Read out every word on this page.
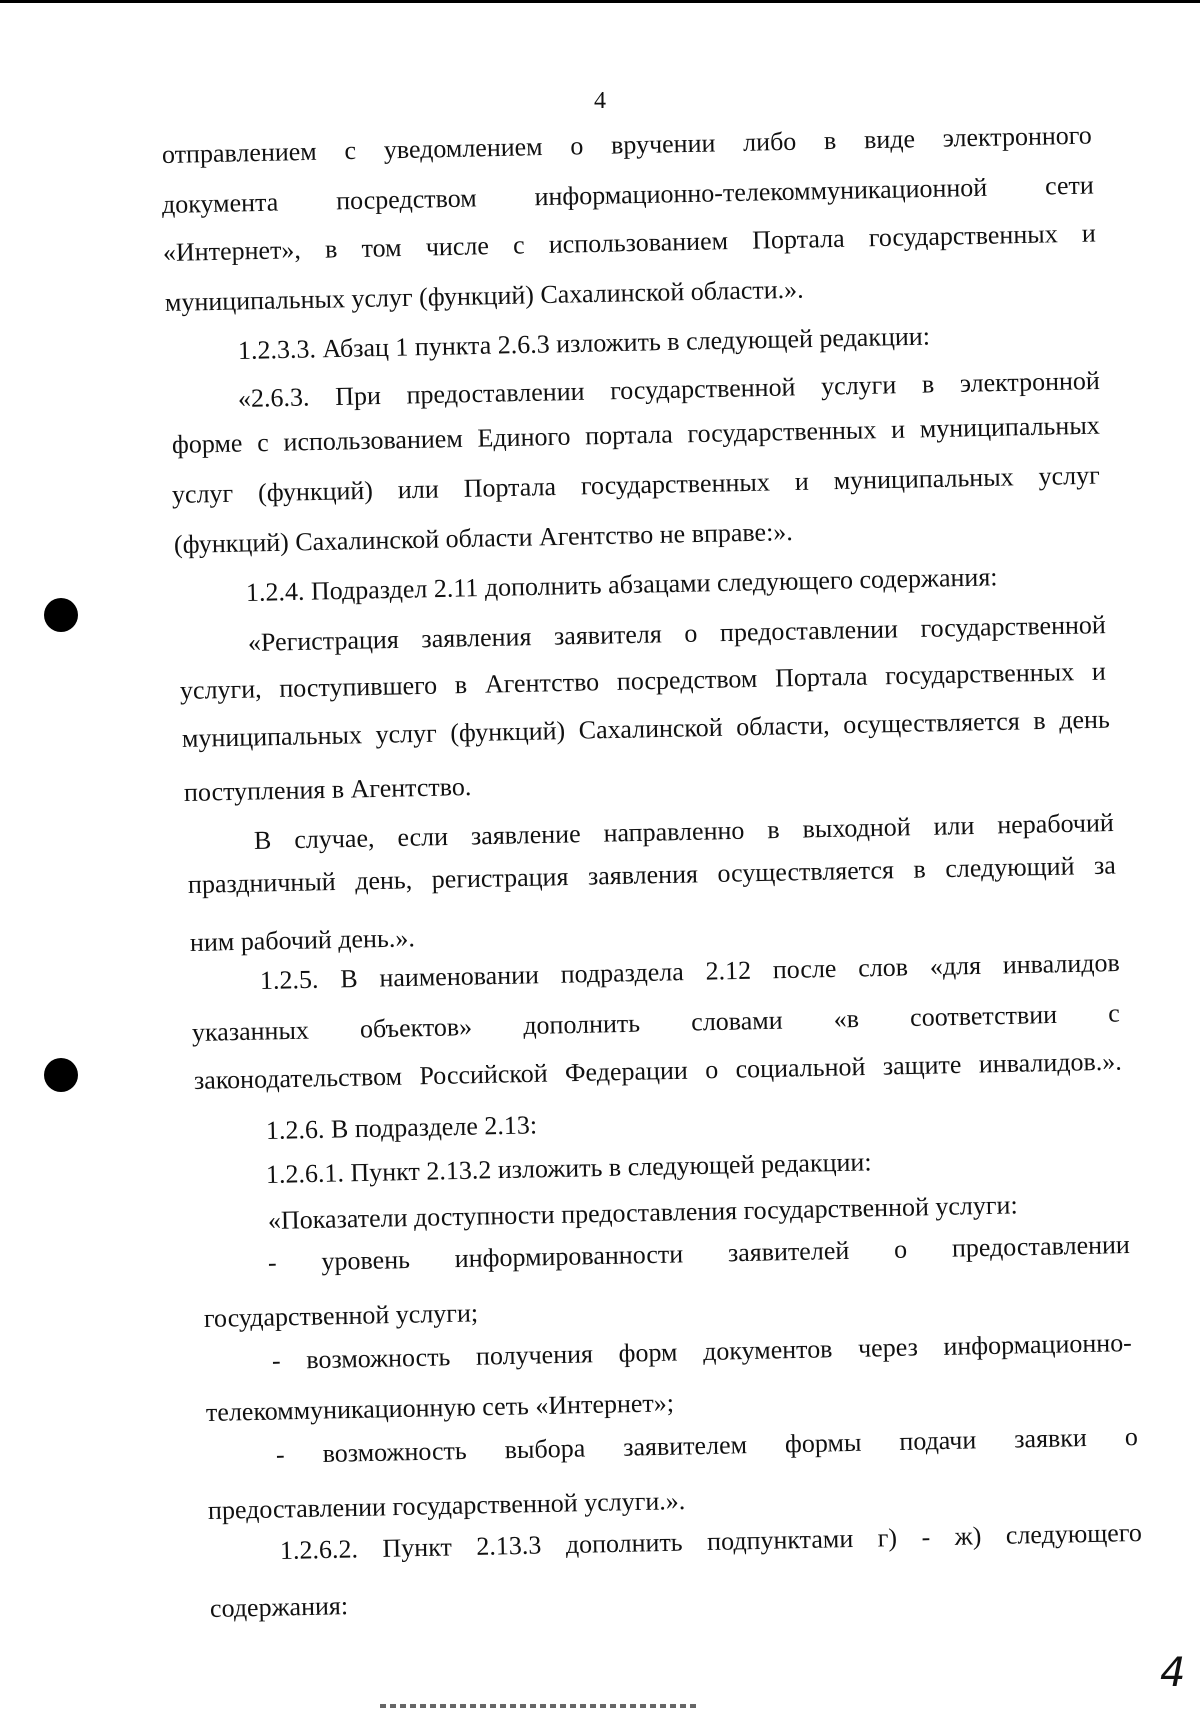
4
отправлением с уведомлением о вручении либо в виде электронного
документа посредством информационно-телекоммуникационной сети
«Интернет», в том числе с использованием Портала государственных и
муниципальных услуг (функций) Сахалинской области.».
1.2.3.3. Абзац 1 пункта 2.6.3 изложить в следующей редакции:
«2.6.3. При предоставлении государственной услуги в электронной
форме с использованием Единого портала государственных и муниципальных
услуг (функций) или Портала государственных и муниципальных услуг
(функций) Сахалинской области Агентство не вправе:».
1.2.4. Подраздел 2.11 дополнить абзацами следующего содержания:
«Регистрация заявления заявителя о предоставлении государственной
услуги, поступившего в Агентство посредством Портала государственных и
муниципальных услуг (функций) Сахалинской области, осуществляется в день
поступления в Агентство.
В случае, если заявление направленно в выходной или нерабочий
праздничный день, регистрация заявления осуществляется в следующий за
ним рабочий день.».
1.2.5. В наименовании подраздела 2.12 после слов «для инвалидов
указанных объектов» дополнить словами «в соответствии с
законодательством Российской Федерации о социальной защите инвалидов.».
1.2.6. В подразделе 2.13:
1.2.6.1. Пункт 2.13.2 изложить в следующей редакции:
«Показатели доступности предоставления государственной услуги:
- уровень информированности заявителей о предоставлении
государственной услуги;
- возможность получения форм документов через информационно-
телекоммуникационную сеть «Интернет»;
- возможность выбора заявителем формы подачи заявки о
предоставлении государственной услуги.».
1.2.6.2. Пункт 2.13.3 дополнить подпунктами г) - ж) следующего
содержания:
4
